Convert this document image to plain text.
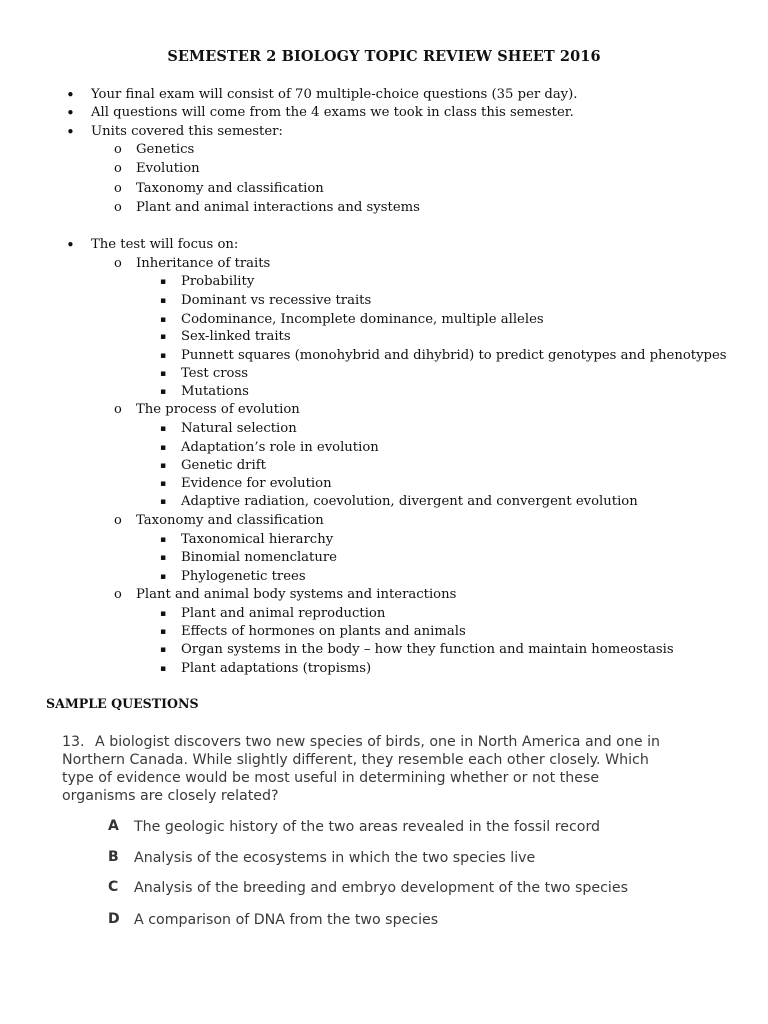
SEMESTER 2 BIOLOGY TOPIC REVIEW SHEET 2016
• Your final exam will consist of 70 multiple-choice questions (35 per day).
• All questions will come from the 4 exams we took in class this semester.
• Units covered this semester:
o Genetics
o Evolution
o Taxonomy and classification
o Plant and animal interactions and systems
• The test will focus on:
o Inheritance of traits
▪ Probability
▪ Dominant vs recessive traits
▪ Codominance, Incomplete dominance, multiple alleles
▪ Sex-linked traits
▪ Punnett squares (monohybrid and dihybrid) to predict genotypes and phenotypes
▪ Test cross
▪ Mutations
o The process of evolution
▪ Natural selection
▪ Adaptation’s role in evolution
▪ Genetic drift
▪ Evidence for evolution
▪ Adaptive radiation, coevolution, divergent and convergent evolution
o Taxonomy and classification
▪ Taxonomical hierarchy
▪ Binomial nomenclature
▪ Phylogenetic trees
o Plant and animal body systems and interactions
▪ Plant and animal reproduction
▪ Effects of hormones on plants and animals
▪ Organ systems in the body – how they function and maintain homeostasis
▪ Plant adaptations (tropisms)
SAMPLE QUESTIONS
13. A biologist discovers two new species of birds, one in North America and one in
Northern Canada. While slightly different, they resemble each other closely. Which
type of evidence would be most useful in determining whether or not these
organisms are closely related?
A The geologic history of the two areas revealed in the fossil record
B Analysis of the ecosystems in which the two species live
C Analysis of the breeding and embryo development of the two species
D A comparison of DNA from the two species
